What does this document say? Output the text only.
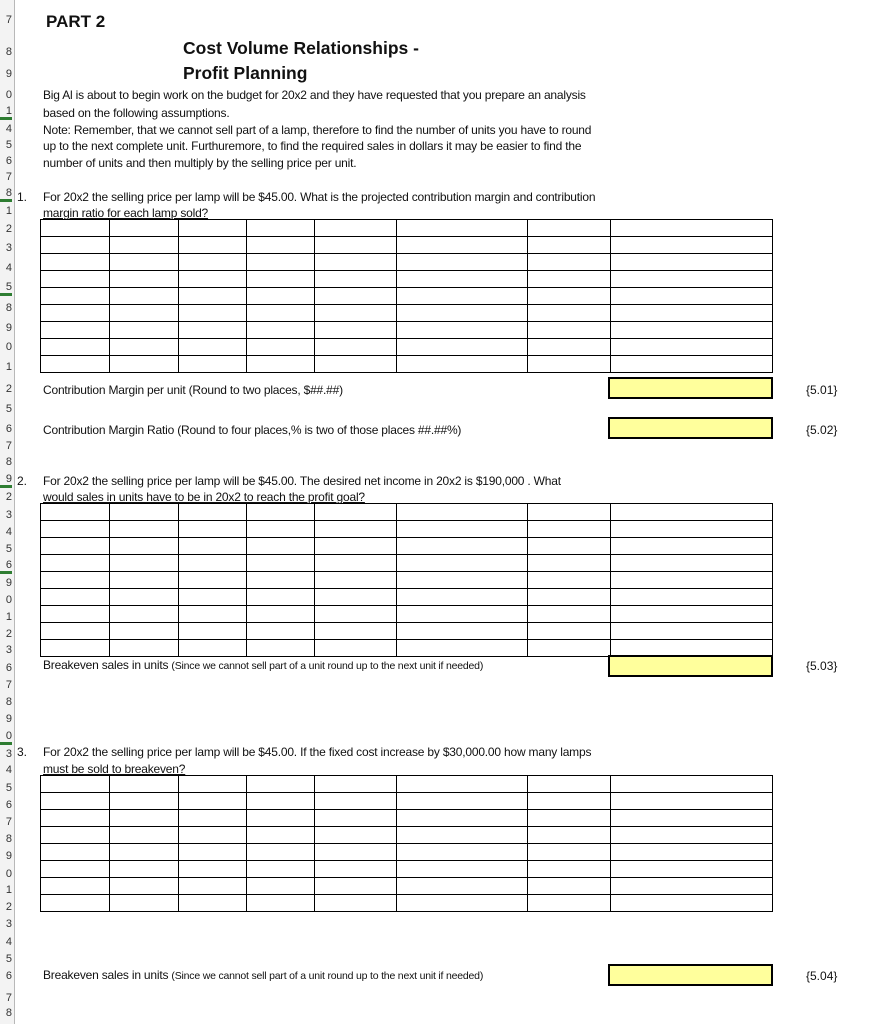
7
8
9
0
1
4
5
6
7
8
1
2
3
4
5
8
9
0
1
2
5
6
7
8
9
2
3
4
5
6
9
0
1
2
3
6
7
8
9
0
3
4
5
6
7
8
9
0
1
2
3
4
5
6
7
8
PART 2
Cost Volume Relationships -
Profit Planning
Big Al is about to begin work on the budget for 20x2 and they have requested that you prepare an analysis
based on the following assumptions.
Note: Remember, that we cannot sell part of a lamp, therefore to find the number of units you have to round
up to the next complete unit. Furthuremore, to find the required sales in dollars it may be easier to find the
number of units and then multiply by the selling price per unit.
1. For 20x2 the selling price per lamp will be $45.00. What is the projected contribution margin and contribution
margin ratio for each lamp sold?

Contribution Margin per unit (Round to two places, $##.##)	{5.01}
Contribution Margin Ratio (Round to four places,% is two of those places ##.##%)	{5.02}
2. For 20x2 the selling price per lamp will be $45.00. The desired net income in 20x2 is $190,000 . What
would sales in units have to be in 20x2 to reach the profit goal?

Breakeven sales in units (Since we cannot sell part of a unit round up to the next unit if needed)	{5.03}
3. For 20x2 the selling price per lamp will be $45.00. If the fixed cost increase by $30,000.00 how many lamps
must be sold to breakeven?

Breakeven sales in units (Since we cannot sell part of a unit round up to the next unit if needed)	{5.04}
